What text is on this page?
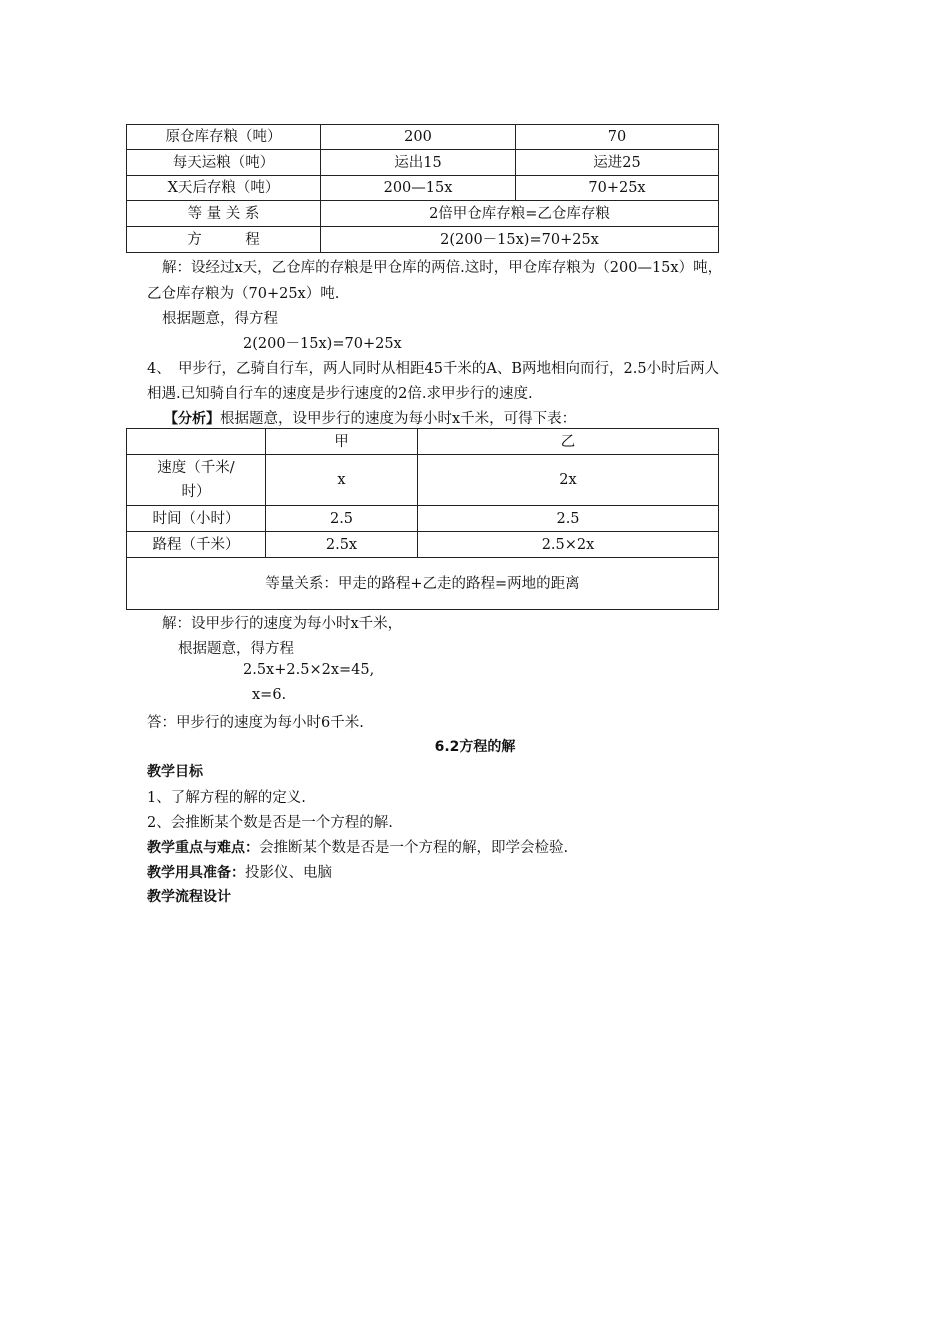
原仓库存粮（吨）	200	70
每天运粮（吨）	运出15	运进25
X天后存粮（吨）	200—15x	70+25x
等 量 关 系	2倍甲仓库存粮=乙仓库存粮	
方　　　程	2(200－15x)=70+25x	
解：设经过x天，乙仓库的存粮是甲仓库的两倍.这时，甲仓库存粮为（200—15x）吨，
乙仓库存粮为（70+25x）吨.
根据题意，得方程
2(200－15x)=70+25x
4、　甲步行，乙骑自行车，两人同时从相距45千米的A、B两地相向而行，2.5小时后两人
相遇.已知骑自行车的速度是步行速度的2倍.求甲步行的速度.
【分析】根据题意，设甲步行的速度为每小时x千米，可得下表：
	甲	乙

速度（千米/
时）	x	2x
时间（小时）	2.5	2.5
路程（千米）	2.5x	2.5×2x
等量关系：甲走的路程+乙走的路程=两地的距离		
解：设甲步行的速度为每小时x千米，
根据题意，得方程
2.5x+2.5×2x=45,
x=6.
答：甲步行的速度为每小时6千米.
6.2方程的解
教学目标
1、了解方程的解的定义.
2、会推断某个数是否是一个方程的解.
教学重点与难点：会推断某个数是否是一个方程的解，即学会检验.
教学用具准备：投影仪、电脑
教学流程设计
